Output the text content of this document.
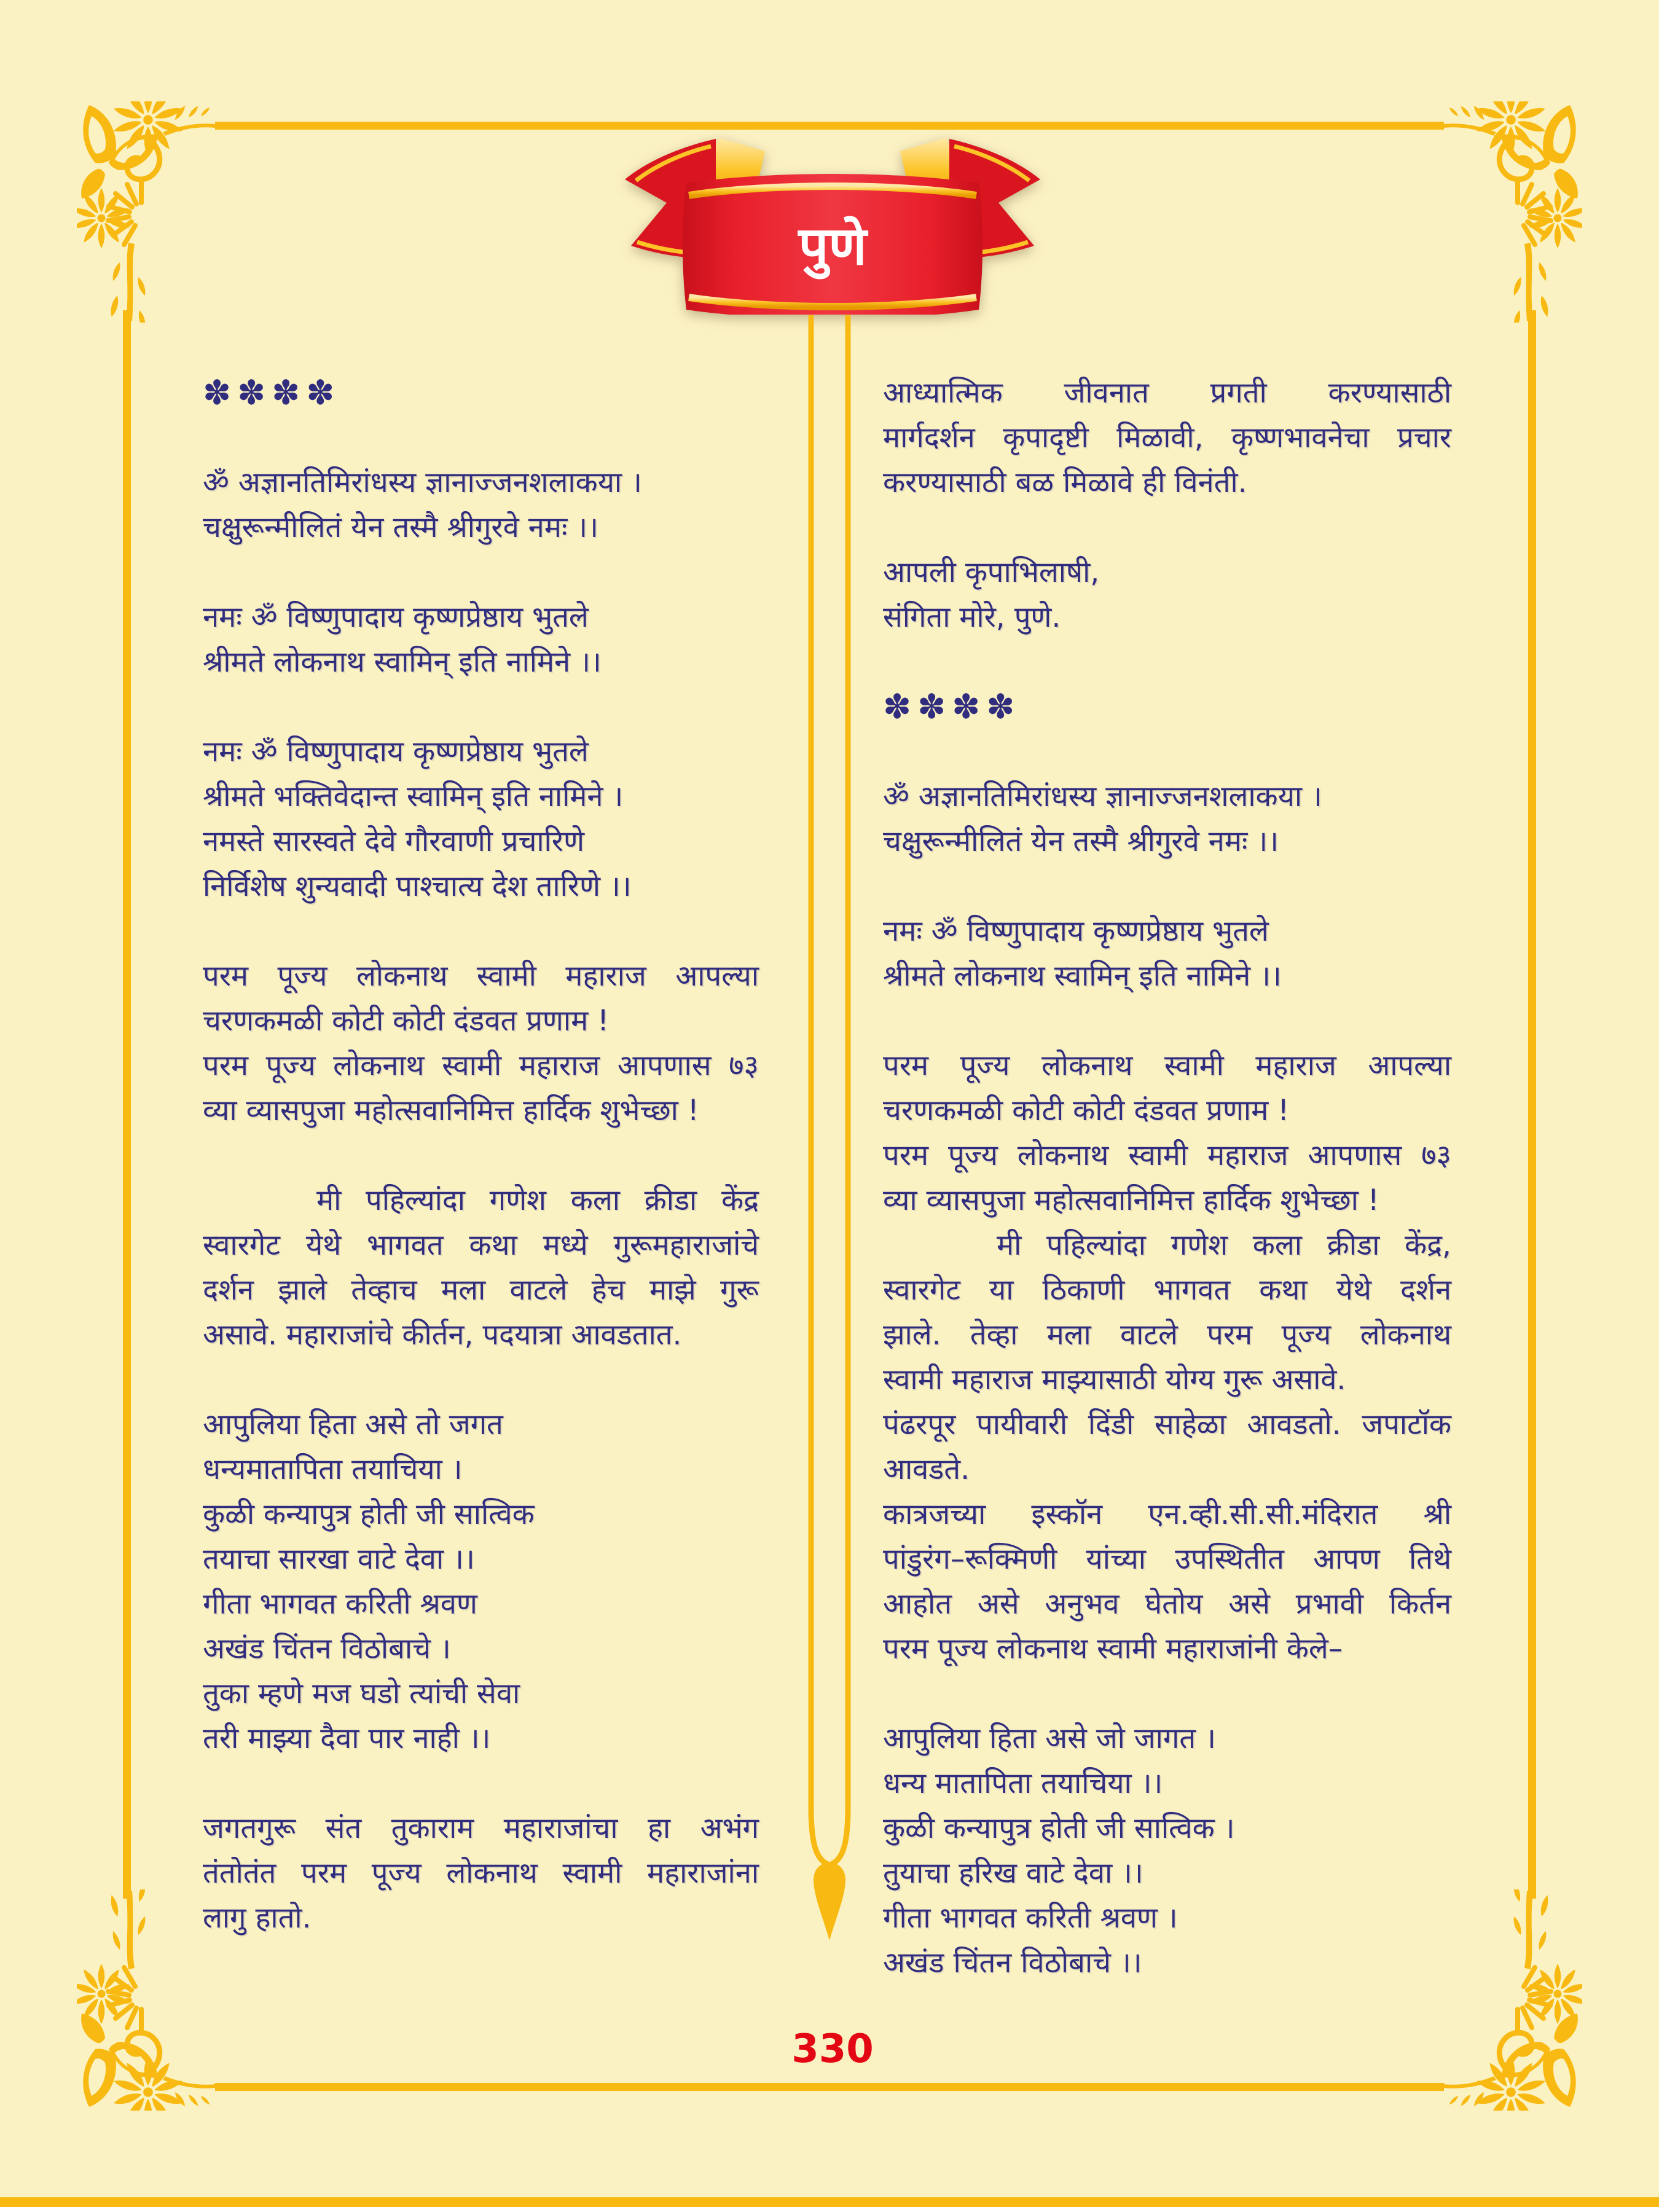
पुणे
✽✽✽✽
ॐ अज्ञानतिमिरांधस्य ज्ञानाज्जनशलाकया ।
चक्षुरून्मीलितं येन तस्मै श्रीगुरवे नमः ।।
नमः ॐ विष्णुपादाय कृष्णप्रेष्ठाय भुतले
श्रीमते लोकनाथ स्वामिन् इति नामिने ।।
नमः ॐ विष्णुपादाय कृष्णप्रेष्ठाय भुतले
श्रीमते भक्तिवेदान्त स्वामिन् इति नामिने ।
नमस्ते सारस्वते देवे गौरवाणी प्रचारिणे
निर्विशेष शुन्यवादी पाश्चात्य देश तारिणे ।।
परम पूज्य लोकनाथ स्वामी महाराज आपल्या
चरणकमळी कोटी कोटी दंडवत प्रणाम !
परम पूज्य लोकनाथ स्वामी महाराज आपणास ७३
व्या व्यासपुजा महोत्सवानिमित्त हार्दिक शुभेच्छा !
मी पहिल्यांदा गणेश कला क्रीडा केंद्र
स्वारगेट येथे भागवत कथा मध्ये गुरूमहाराजांचे
दर्शन झाले तेव्हाच मला वाटले हेच माझे गुरू
असावे. महाराजांचे कीर्तन, पदयात्रा आवडतात.
आपुलिया हिता असे तो जगत
धन्यमातापिता तयाचिया ।
कुळी कन्यापुत्र होती जी सात्विक
तयाचा सारखा वाटे देवा ।।
गीता भागवत करिती श्रवण
अखंड चिंतन विठोबाचे ।
तुका म्हणे मज घडो त्यांची सेवा
तरी माझ्या दैवा पार नाही ।।
जगतगुरू संत तुकाराम महाराजांचा हा अभंग
तंतोतंत परम पूज्य लोकनाथ स्वामी महाराजांना
लागु हातो.
आध्यात्मिक जीवनात प्रगती करण्यासाठी
मार्गदर्शन कृपादृष्टी मिळावी, कृष्णभावनेचा प्रचार
करण्यासाठी बळ मिळावे ही विनंती.
आपली कृपाभिलाषी,
संगिता मोरे, पुणे.
✽✽✽✽
ॐ अज्ञानतिमिरांधस्य ज्ञानाज्जनशलाकया ।
चक्षुरून्मीलितं येन तस्मै श्रीगुरवे नमः ।।
नमः ॐ विष्णुपादाय कृष्णप्रेष्ठाय भुतले
श्रीमते लोकनाथ स्वामिन् इति नामिने ।।
परम पूज्य लोकनाथ स्वामी महाराज आपल्या
चरणकमळी कोटी कोटी दंडवत प्रणाम !
परम पूज्य लोकनाथ स्वामी महाराज आपणास ७३
व्या व्यासपुजा महोत्सवानिमित्त हार्दिक शुभेच्छा !
मी पहिल्यांदा गणेश कला क्रीडा केंद्र,
स्वारगेट या ठिकाणी भागवत कथा येथे दर्शन
झाले. तेव्हा मला वाटले परम पूज्य लोकनाथ
स्वामी महाराज माझ्यासाठी योग्य गुरू असावे.
पंढरपूर पायीवारी दिंडी साहेळा आवडतो. जपाटॉक
आवडते.
कात्रजच्या इस्कॉन एन.व्ही.सी.सी.मंदिरात श्री
पांडुरंग–रूक्मिणी यांच्या उपस्थितीत आपण तिथे
आहोत असे अनुभव घेतोय असे प्रभावी किर्तन
परम पूज्य लोकनाथ स्वामी महाराजांनी केले–
आपुलिया हिता असे जो जागत ।
धन्य मातापिता तयाचिया ।।
कुळी कन्यापुत्र होती जी सात्विक ।
तुयाचा हरिख वाटे देवा ।।
गीता भागवत करिती श्रवण ।
अखंड चिंतन विठोबाचे ।।
330
